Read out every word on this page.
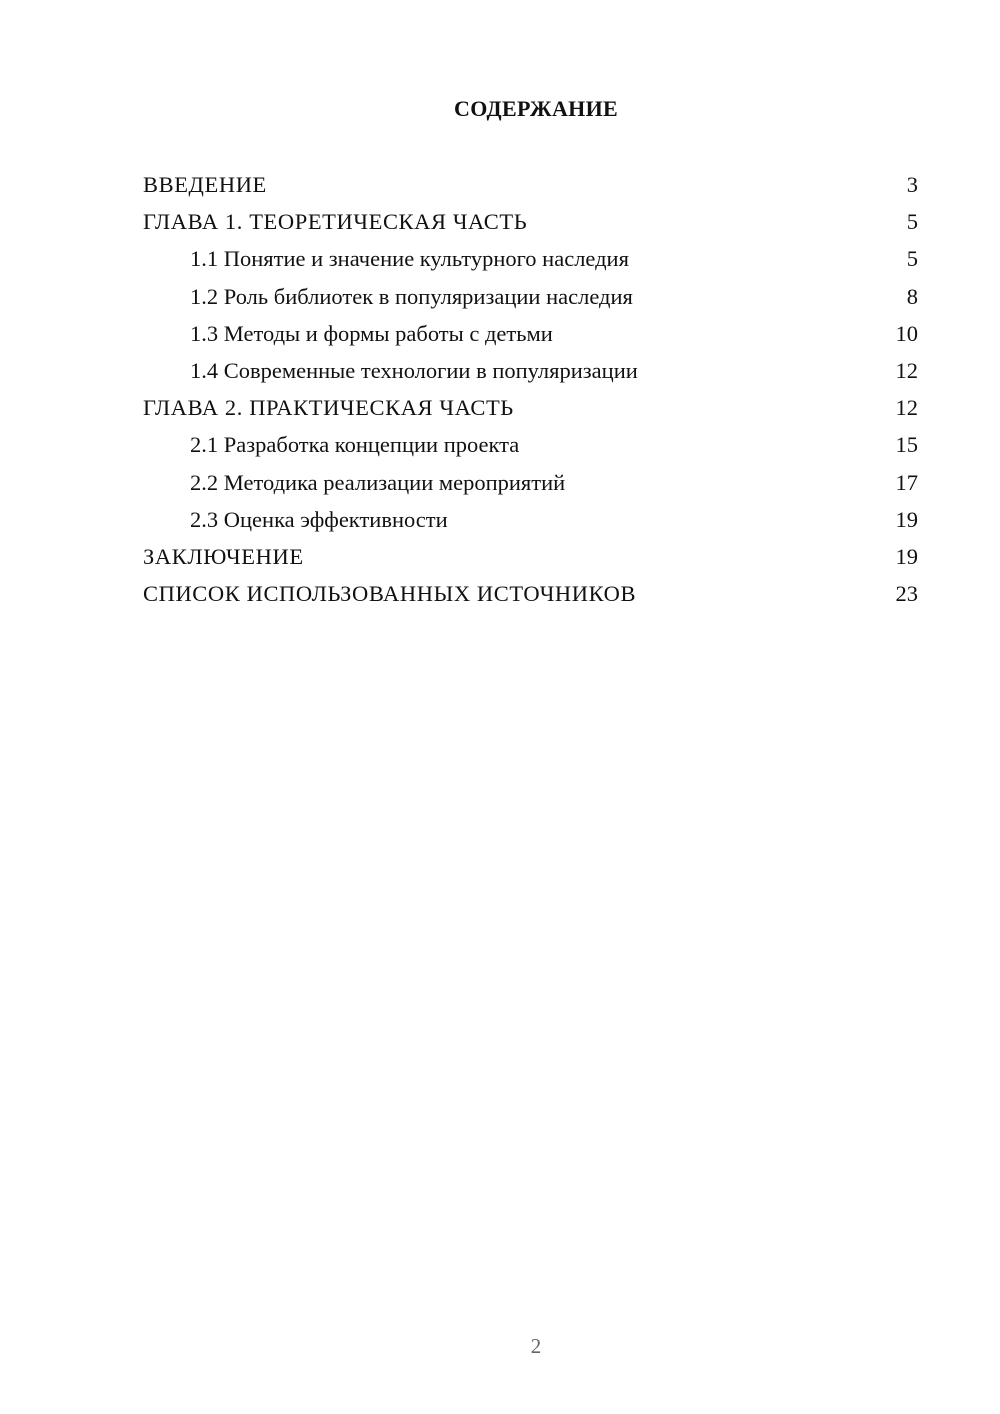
СОДЕРЖАНИЕ
ВВЕДЕНИЕ	3
ГЛАВА 1. ТЕОРЕТИЧЕСКАЯ ЧАСТЬ	5
1.1 Понятие и значение культурного наследия	5
1.2 Роль библиотек в популяризации наследия	8
1.3 Методы и формы работы с детьми	10
1.4 Современные технологии в популяризации	12
ГЛАВА 2. ПРАКТИЧЕСКАЯ ЧАСТЬ	12
2.1 Разработка концепции проекта	15
2.2 Методика реализации мероприятий	17
2.3 Оценка эффективности	19
ЗАКЛЮЧЕНИЕ	19
СПИСОК ИСПОЛЬЗОВАННЫХ ИСТОЧНИКОВ	23
2
